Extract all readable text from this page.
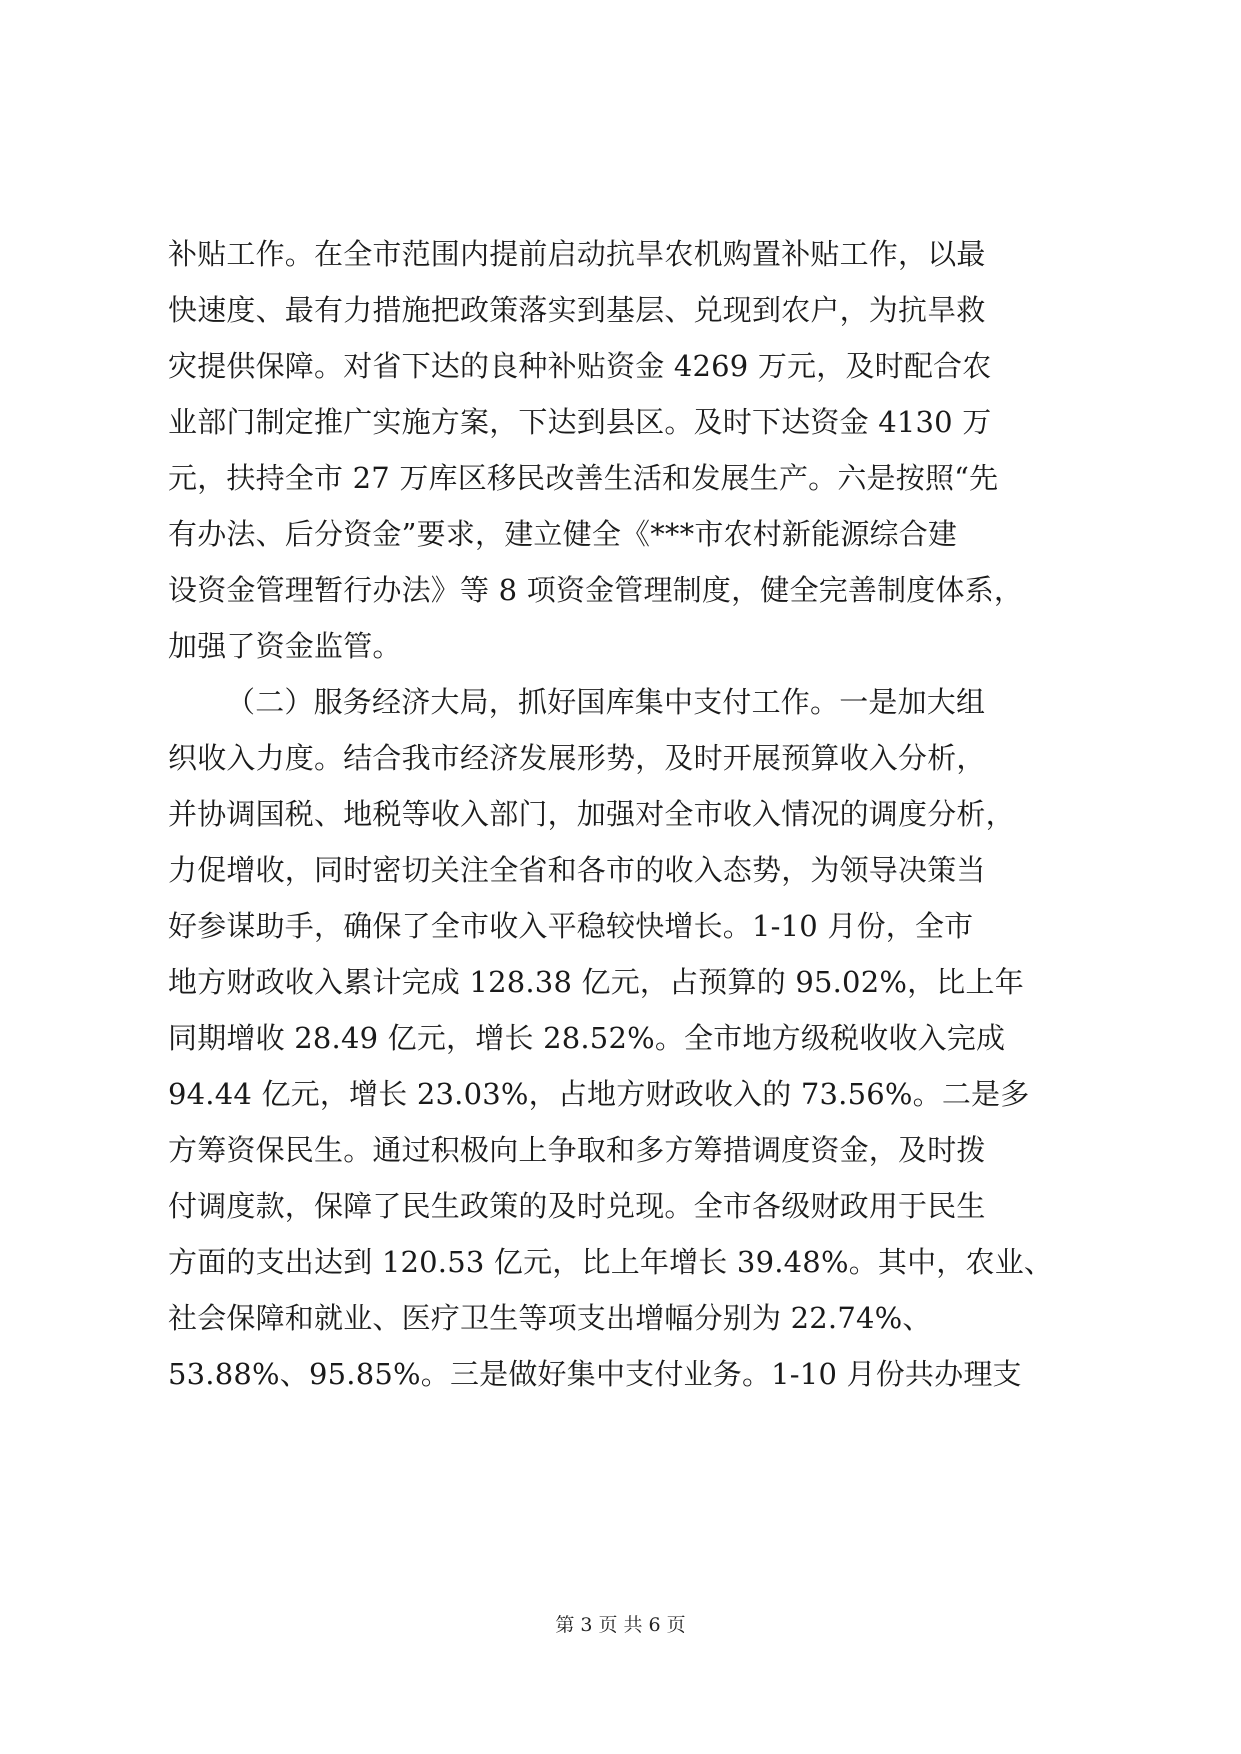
补贴工作。在全市范围内提前启动抗旱农机购置补贴工作，以最
快速度、最有力措施把政策落实到基层、兑现到农户，为抗旱救
灾提供保障。对省下达的良种补贴资金 4269 万元，及时配合农
业部门制定推广实施方案，下达到县区。及时下达资金 4130 万
元，扶持全市 27 万库区移民改善生活和发展生产。六是按照“先
有办法、后分资金”要求，建立健全《***市农村新能源综合建
设资金管理暂行办法》等 8 项资金管理制度，健全完善制度体系，
加强了资金监管。
（二）服务经济大局，抓好国库集中支付工作。一是加大组
织收入力度。结合我市经济发展形势，及时开展预算收入分析，
并协调国税、地税等收入部门，加强对全市收入情况的调度分析，
力促增收，同时密切关注全省和各市的收入态势，为领导决策当
好参谋助手，确保了全市收入平稳较快增长。1-10 月份，全市
地方财政收入累计完成 128.38 亿元，占预算的 95.02%，比上年
同期增收 28.49 亿元，增长 28.52%。全市地方级税收收入完成
94.44 亿元，增长 23.03%，占地方财政收入的 73.56%。二是多
方筹资保民生。通过积极向上争取和多方筹措调度资金，及时拨
付调度款，保障了民生政策的及时兑现。全市各级财政用于民生
方面的支出达到 120.53 亿元，比上年增长 39.48%。其中，农业、
社会保障和就业、医疗卫生等项支出增幅分别为 22.74%、
53.88%、95.85%。三是做好集中支付业务。1-10 月份共办理支
第 3 页 共 6 页
